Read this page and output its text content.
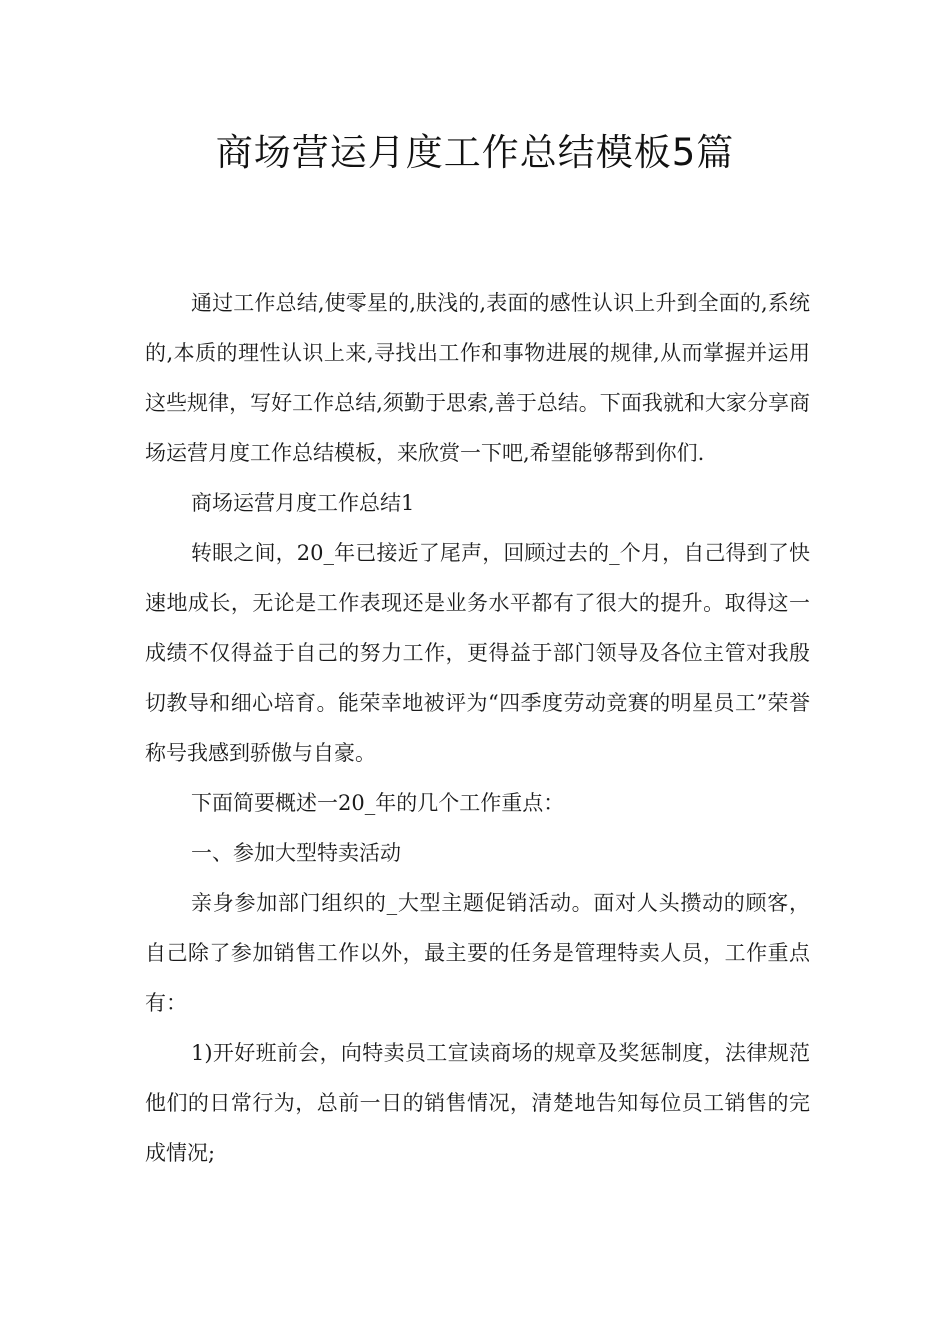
商场营运月度工作总结模板5篇

通过工作总结,使零星的,肤浅的,表面的感性认识上升到全面的,系统的,本质的理性认识上来,寻找出工作和事物进展的规律,从而掌握并运用这些规律，写好工作总结,须勤于思索,善于总结。下面我就和大家分享商场运营月度工作总结模板，来欣赏一下吧,希望能够帮到你们.

商场运营月度工作总结1

转眼之间，20_年已接近了尾声，回顾过去的_个月，自己得到了快速地成长，无论是工作表现还是业务水平都有了很大的提升。取得这一成绩不仅得益于自己的努力工作，更得益于部门领导及各位主管对我殷切教导和细心培育。能荣幸地被评为“四季度劳动竞赛的明星员工”荣誉称号我感到骄傲与自豪。

下面简要概述一20_年的几个工作重点：

一、参加大型特卖活动

亲身参加部门组织的_大型主题促销活动。面对人头攒动的顾客，自己除了参加销售工作以外，最主要的任务是管理特卖人员，工作重点有：

1)开好班前会，向特卖员工宣读商场的规章及奖惩制度，法律规范他们的日常行为，总前一日的销售情况，清楚地告知每位员工销售的完成情况;
